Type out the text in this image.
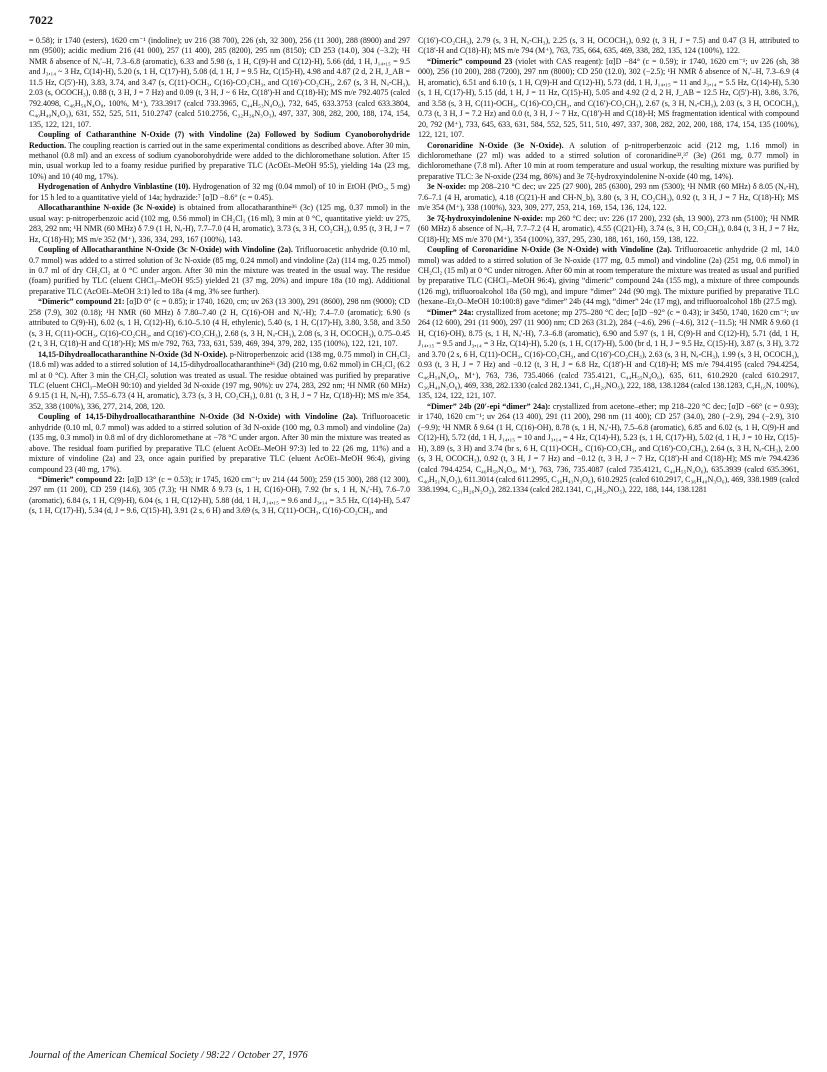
7022

= 0.58); ir 1740 (esters), 1620 cm⁻¹ (indoline); uv 216 (38 700), 226 (sh, 32 300), 256 (11 300), 288 (8900) and 297 nm (9500); acidic medium 216 (41 000), 257 (11 400), 285 (8200), 295 nm (8150); CD 253 (14.0), 304 (−3.2); ¹H NMR δ absence of Nₐ′–H, 7.3–6.8 (aromatic), 6.33 and 5.98 (s, 1 H, C(9)-H and C(12)-H), 5.66 (dd, 1 H, J₁₄,₁₅ = 9.5 and J₃,₁₄ ~ 3 Hz, C(14)-H), 5.20 (s, 1 H, C(17)-H), 5.08 (d, 1 H, J = 9.5 Hz, C(15)-H), 4.98 and 4.87 (2 d, 2 H, J_AB = 11.5 Hz, C(5′)-H), 3.83, 3.74, and 3.47 (s, C(11)-OCH₃, C(16)-CO₂CH₃, and C(16′)-CO₂CH₃, 2.67 (s, 3 H, Nₐ-CH₃), 2.03 (s, OCOCH₃), 0.88 (t, 3 H, J = 7 Hz) and 0.09 (t, 3 H, J ~ 6 Hz, C(18′)-H and C(18)-H); MS m/e 792.4075 (calcd 792.4098, C₄₆H₅₆N₄O₈, 100%, M⁺), 733.3917 (calcd 733.3965, C₄₄H₅₃N₄O₆), 732, 645, 633.3753 (calcd 633.3804, C₄₀H₄₉N₄O₃), 631, 552, 525, 511, 510.2747 (calcd 510.2756, C₃₂H₃₆N₃O₃), 497, 337, 308, 282, 200, 188, 174, 154, 135, 122, 121, 107.

Coupling of Catharanthine N-Oxide (7) with Vindoline (2a) Followed by Sodium Cyanoborohydride Reduction. The coupling reaction is carried out in the same experimental conditions as described above. After 30 min, methanol (0.8 ml) and an excess of sodium cyanoborohydride were added to the dichloromethane solution. After 15 min, usual workup led to a foamy residue purified by preparative TLC (AcOEt–MeOH 95:5), yielding 14a (23 mg, 10%) and 10 (40 mg, 17%).

Hydrogenation of Anhydro Vinblastine (10). Hydrogenation of 32 mg (0.04 mmol) of 10 in EtOH (PtO₂, 5 mg) for 15 h led to a quantitative yield of 14a; hydrazide:⁷ [α]D −8.6° (c = 0.45).

Allocatharanthine N-oxide (3c N-oxide) is obtained from allocatharanthine³⁶ (3c) (125 mg, 0.37 mmol) in the usual way: p-nitroperbenzoic acid (102 mg, 0.56 mmol) in CH₂Cl₂ (16 ml), 3 min at 0 °C, quantitative yield: uv 275, 283, 292 nm; ¹H NMR (60 MHz) δ 7.9 (1 H, Nₐ-H), 7.7–7.0 (4 H, aromatic), 3.73 (s, 3 H, CO₂CH₃), 0.95 (t, 3 H, J = 7 Hz, C(18)-H); MS m/e 352 (M⁺), 336, 334, 293, 167 (100%), 143.

Coupling of Allocatharanthine N-Oxide (3c N-Oxide) with Vindoline (2a). Trifluoroacetic anhydride (0.10 ml, 0.7 mmol) was added to a stirred solution of 3c N-oxide (85 mg, 0.24 mmol) and vindoline (2a) (114 mg, 0.25 mmol) in 0.7 ml of dry CH₂Cl₂ at 0 °C under argon. After 30 min the mixture was treated in the usual way. The residue (foam) purified by TLC (eluent CHCl₃–MeOH 95:5) yielded 21 (37 mg, 20%) and impure 18a (10 mg). Additional preparative TLC (AcOEt–MeOH 3:1) led to 18a (4 mg, 3% see further).

“Dimeric” compound 21: [α]D 0° (c = 0.85); ir 1740, 1620, cm; uv 263 (13 300), 291 (8600), 298 nm (9000); CD 258 (7.9), 302 (0.18); ¹H NMR (60 MHz) δ 7.80–7.40 (2 H, C(16)-OH and Nₐ′-H); 7.4–7.0 (aromatic); 6.90 (s attributed to C(9)-H), 6.02 (s, 1 H, C(12)-H), 6.10–5.10 (4 H, ethylenic), 5.40 (s, 1 H, C(17)-H), 3.80, 3.58, and 3.50 (s, 3 H, C(11)-OCH₃, C(16)-CO₂CH₃, and C(16′)-CO₂CH₃), 2.68 (s, 3 H, Nₐ-CH₃), 2.08 (s, 3 H, OCOCH₃), 0.75–0.45 (2 t, 3 H, C(18)-H and C(18′)-H); MS m/e 792, 763, 733, 631, 539, 469, 394, 379, 282, 135 (100%), 122, 121, 107.

14,15-Dihydroallocatharanthine N-Oxide (3d N-Oxide). p-Nitroperbenzoic acid (138 mg, 0.75 mmol) in CH₂Cl₂ (18.6 ml) was added to a stirred solution of 14,15-dihydroallocatharanthine³⁶ (3d) (210 mg, 0.62 mmol) in CH₂Cl₂ (6.2 ml at 0 °C). After 3 min the CH₂Cl₂ solution was treated as usual. The residue obtained was purified by preparative TLC (eluent CHCl₃–MeOH 90:10) and yielded 3d N-oxide (197 mg, 90%): uv 274, 283, 292 nm; ¹H NMR (60 MHz) δ 9.15 (1 H, Nₐ-H), 7.55–6.73 (4 H, aromatic), 3.73 (s, 3 H, CO₂CH₃), 0.81 (t, 3 H, J = 7 Hz, C(18)-H); MS m/e 354, 352, 338 (100%), 336, 277, 214, 208, 120.

Coupling of 14,15-Dihydroallocatharanthine N-Oxide (3d N-Oxide) with Vindoline (2a). Trifluoroacetic anhydride (0.10 ml, 0.7 mmol) was added to a stirred solution of 3d N-oxide (100 mg, 0.3 mmol) and vindoline (2a) (135 mg, 0.3 mmol) in 0.8 ml of dry dichloromethane at −78 °C under argon. After 30 min the mixture was treated as above. The residual foam purified by preparative TLC (eluent AcOEt–MeOH 97:3) led to 22 (26 mg, 11%) and a mixture of vindoline (2a) and 23, once again purified by preparative TLC (eluent AcOEt–MeOH 96:4), giving compound 23 (40 mg, 17%).

“Dimeric” compound 22: [α]D 13° (c = 0.53); ir 1745, 1620 cm⁻¹; uv 214 (44 500); 259 (15 300), 288 (12 300), 297 nm (11 200), CD 259 (14.6), 305 (7.3); ¹H NMR δ 9.73 (s, 1 H, C(16)-OH), 7.92 (br s, 1 H, Nₐ′-H), 7.6–7.0 (aromatic), 6.84 (s, 1 H, C(9)-H), 6.04 (s, 1 H, C(12)-H), 5.88 (dd, 1 H, J₁₄,₁₅ = 9.6 and J₃,₁₄ = 3.5 Hz, C(14)-H), 5.47 (s, 1 H, C(17)-H), 5.34 (d, J = 9.6, C(15)-H), 3.91 (2 s, 6 H) and 3.69 (s, 3 H, C(11)-OCH₃, C(16)-CO₂CH₃, and

C(16′)-CO₂CH₃), 2.79 (s, 3 H, Nₐ-CH₃), 2.25 (s, 3 H, OCOCH₃), 0.92 (t, 3 H, J = 7.5) and 0.47 (3 H, attributed to C(18′-H and C(18)-H); MS m/e 794 (M⁺), 763, 735, 664, 635, 469, 338, 282, 135, 124 (100%), 122.

“Dimeric” compound 23 (violet with CAS reagent): [α]D −84° (c = 0.59); ir 1740, 1620 cm⁻¹; uv 226 (sh, 38 000), 256 (10 200), 288 (7200), 297 nm (8000); CD 250 (12.0), 302 (−2.5); ¹H NMR δ absence of Nₐ′–H, 7.3–6.9 (4 H, aromatic), 6.51 and 6.10 (s, 1 H, C(9)-H and C(12)-H), 5.73 (dd, 1 H, J₁₄,₁₅ = 11 and J₃,₁₄ = 5.5 Hz, C(14)-H), 5.30 (s, 1 H, C(17)-H), 5.15 (dd, 1 H, J = 11 Hz, C(15)-H), 5.05 and 4.92 (2 d, 2 H, J_AB = 12.5 Hz, C(5′)-H), 3.86, 3.76, and 3.58 (s, 3 H, C(11)-OCH₃, C(16)-CO₂CH₃, and C(16′)-CO₂CH₃), 2.67 (s, 3 H, Nₐ-CH₃), 2.03 (s, 3 H, OCOCH₃), 0.73 (t, 3 H, J = 7.2 Hz) and 0.0 (t, 3 H, J ~ 7 Hz, C(18′)-H and C(18)-H; MS fragmentation identical with compound 20, 792 (M⁺), 733, 645, 633, 631, 584, 552, 525, 511, 510, 497, 337, 308, 282, 202, 200, 188, 174, 154, 135 (100%), 122, 121, 107.

Coronaridine N-Oxide (3e N-Oxide). A solution of p-nitroperbenzoic acid (212 mg, 1.16 mmol) in dichloromethane (27 ml) was added to a stirred solution of coronaridine³²,³⁷ (3e) (261 mg, 0.77 mmol) in dichloromethane (7.8 ml). After 10 min at room temperature and usual workup, the resulting mixture was purified by preparative TLC: 3e N-oxide (234 mg, 86%) and 3e 7ξ-hydroxyindolenine N-oxide (40 mg, 14%).

3e N-oxide: mp 208–210 °C dec; uv 225 (27 900), 285 (6300), 293 nm (5300); ¹H NMR (60 MHz) δ 8.05 (Nₐ-H), 7.6–7.1 (4 H, aromatic), 4.18 (C(21)-H and CH-N_b), 3.80 (s, 3 H, CO₂CH₃), 0.92 (t, 3 H, J = 7 Hz, C(18)-H); MS m/e 354 (M⁺), 338 (100%), 323, 309, 277, 253, 214, 169, 154, 136, 124, 122.

3e 7ξ-hydroxyindolenine N-oxide: mp 260 °C dec; uv: 226 (17 200), 232 (sh, 13 900), 273 nm (5100); ¹H NMR (60 MHz) δ absence of Nₐ–H, 7.7–7.2 (4 H, aromatic), 4.55 (C(21)-H), 3.74 (s, 3 H, CO₂CH₃), 0.84 (t, 3 H, J = 7 Hz, C(18)-H); MS m/e 370 (M⁺), 354 (100%), 337, 295, 230, 188, 161, 160, 159, 138, 122.

Coupling of Coronaridine N-Oxide (3e N-Oxide) with Vindoline (2a). Trifluoroacetic anhydride (2 ml, 14.0 mmol) was added to a stirred solution of 3e N-oxide (177 mg, 0.5 mmol) and vindoline (2a) (251 mg, 0.6 mmol) in CH₂Cl₂ (15 ml) at 0 °C under nitrogen. After 60 min at room temperature the mixture was treated as usual and purified by preparative TLC (CHCl₃–MeOH 96:4), giving “dimeric” compound 24a (155 mg), a mixture of three compounds (126 mg), trifluoroalcohol 18a (50 mg), and impure “dimer” 24d (90 mg). The mixture purified by preparative TLC (hexane–Et₂O–MeOH 10:100:8) gave “dimer” 24b (44 mg), “dimer” 24c (17 mg), and trifluoroalcohol 18b (27.5 mg).

“Dimer” 24a: crystallized from acetone; mp 275–280 °C dec; [α]D −92° (c = 0.43); ir 3450, 1740, 1620 cm⁻¹; uv 264 (12 600), 291 (11 900), 297 (11 900) nm; CD 263 (31.2), 284 (−4.6), 296 (−4.6), 312 (−11.5); ¹H NMR δ 9.60 (1 H, C(16)-OH), 8.75 (s, 1 H, Nₐ′-H), 7.3–6.8 (aromatic), 6.90 and 5.97 (s, 1 H, C(9)-H and C(12)-H), 5.71 (dd, 1 H, J₁₄,₁₅ = 9.5 and J₃,₁₄ = 3 Hz, C(14)-H), 5.20 (s, 1 H, C(17)-H), 5.00 (br d, 1 H, J = 9.5 Hz, C(15)-H), 3.87 (s, 3 H), 3.72 and 3.70 (2 s, 6 H, C(11)-OCH₃, C(16)-CO₂CH₃, and C(16′)-CO₂CH₃), 2.63 (s, 3 H, Nₐ-CH₃), 1.99 (s, 3 H, OCOCH₃), 0.93 (t, 3 H, J = 7 Hz) and −0.12 (t, 3 H, J = 6.8 Hz, C(18′)-H and C(18)-H; MS m/e 794.4195 (calcd 794.4254, C₄₆H₅₈N₄O₈, M⁺), 763, 736, 735.4066 (calcd 735.4121, C₄₄H₅₅N₄O₆), 635, 611, 610.2920 (calcd 610.2917, C₃₆H₄₀N₃O₆), 469, 338, 282.1330 (calcd 282.1341, C₁₄H₂₀NO₅), 222, 188, 138.1284 (calcd 138.1283, C₉H₁₆N, 100%), 135, 124, 122, 121, 107.

“Dimer” 24b (20′-epi “dimer” 24a): crystallized from acetone–ether; mp 218–220 °C dec; [α]D −66° (c = 0.93); ir 1740, 1620 cm⁻¹; uv 264 (13 400), 291 (11 200), 298 nm (11 400); CD 257 (34.0), 280 (−2.9), 294 (−2.9), 310 (−9.9); ¹H NMR δ 9.64 (1 H, C(16)-OH), 8.78 (s, 1 H, Nₐ′-H), 7.5–6.8 (aromatic), 6.85 and 6.02 (s, 1 H, C(9)-H and C(12)-H), 5.72 (dd, 1 H, J₁₄,₁₅ = 10 and J₃,₁₄ = 4 Hz, C(14)-H), 5.23 (s, 1 H, C(17)-H), 5.02 (d, 1 H, J = 10 Hz, C(15)-H), 3.89 (s, 3 H) and 3.74 (br s, 6 H, C(11)-OCH₃, C(16)-CO₂CH₃, and C(16′)-CO₂CH₃), 2.64 (s, 3 H, Nₐ-CH₃), 2.00 (s, 3 H, OCOCH₃), 0.92 (t, 3 H, J = 7 Hz) and −0.12 (t, 3 H, J ~ 7 Hz, C(18′)-H and C(18)-H); MS m/e 794.4236 (calcd 794.4254, C₄₆H₅₈N₄O₈, M⁺), 763, 736, 735.4087 (calcd 735.4121, C₄₄H₅₅N₄O₆), 635.3939 (calcd 635.3961, C₄₀H₅₁N₄O₃), 611.3014 (calcd 611.2995, C₃₆H₄₁N₃O₆), 610.2925 (calcd 610.2917, C₃₆H₄₀N₃O₆), 469, 338.1989 (calcd 338.1994, C₂₁H₂₆N₂O₂), 282.1334 (calcd 282.1341, C₁₄H₂₀NO₅), 222, 188, 144, 138.1281

Journal of the American Chemical Society / 98:22 / October 27, 1976
